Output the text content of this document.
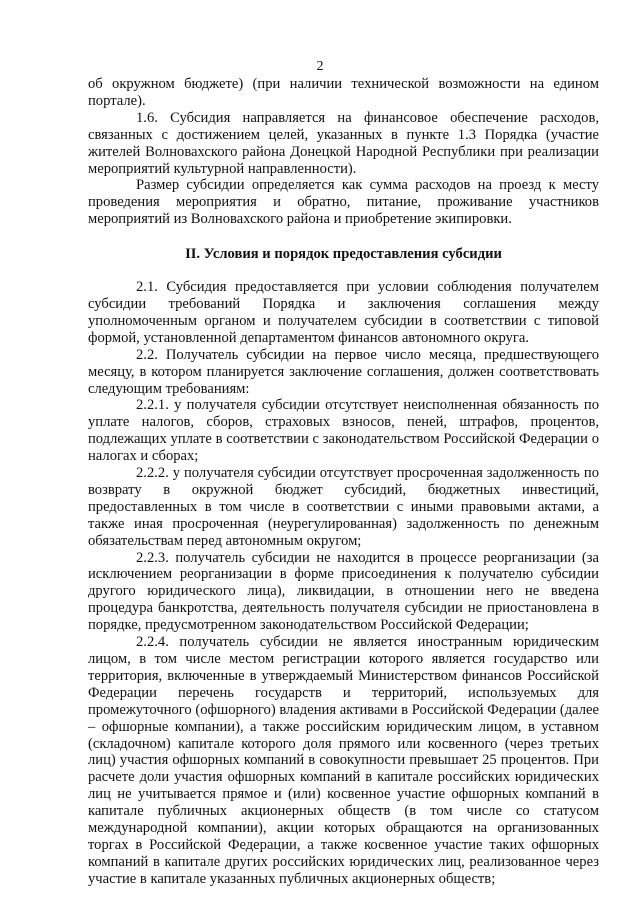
2

об окружном бюджете) (при наличии технической возможности на едином портале).

1.6. Субсидия направляется на финансовое обеспечение расходов, связанных с достижением целей, указанных в пункте 1.3 Порядка (участие жителей Волновахского района Донецкой Народной Республики при реализации мероприятий культурной направленности).

Размер субсидии определяется как сумма расходов на проезд к месту проведения мероприятия и обратно, питание, проживание участников мероприятий из Волновахского района и приобретение экипировки.

II. Условия и порядок предоставления субсидии

2.1. Субсидия предоставляется при условии соблюдения получателем субсидии требований Порядка и заключения соглашения между уполномоченным органом и получателем субсидии в соответствии с типовой формой, установленной департаментом финансов автономного округа.

2.2. Получатель субсидии на первое число месяца, предшествующего месяцу, в котором планируется заключение соглашения, должен соответствовать следующим требованиям:

2.2.1. у получателя субсидии отсутствует неисполненная обязанность по уплате налогов, сборов, страховых взносов, пеней, штрафов, процентов, подлежащих уплате в соответствии с законодательством Российской Федерации о налогах и сборах;

2.2.2. у получателя субсидии отсутствует просроченная задолженность по возврату в окружной бюджет субсидий, бюджетных инвестиций, предоставленных в том числе в соответствии с иными правовыми актами, а также иная просроченная (неурегулированная) задолженность по денежным обязательствам перед автономным округом;

2.2.3. получатель субсидии не находится в процессе реорганизации (за исключением реорганизации в форме присоединения к получателю субсидии другого юридического лица), ликвидации, в отношении него не введена процедура банкротства, деятельность получателя субсидии не приостановлена в порядке, предусмотренном законодательством Российской Федерации;

2.2.4. получатель субсидии не является иностранным юридическим лицом, в том числе местом регистрации которого является государство или территория, включенные в утверждаемый Министерством финансов Российской Федерации перечень государств и территорий, используемых для промежуточного (офшорного) владения активами в Российской Федерации (далее – офшорные компании), а также российским юридическим лицом, в уставном (складочном) капитале которого доля прямого или косвенного (через третьих лиц) участия офшорных компаний в совокупности превышает 25 процентов. При расчете доли участия офшорных компаний в капитале российских юридических лиц не учитывается прямое и (или) косвенное участие офшорных компаний в капитале публичных акционерных обществ (в том числе со статусом международной компании), акции которых обращаются на организованных торгах в Российской Федерации, а также косвенное участие таких офшорных компаний в капитале других российских юридических лиц, реализованное через участие в капитале указанных публичных акционерных обществ;
